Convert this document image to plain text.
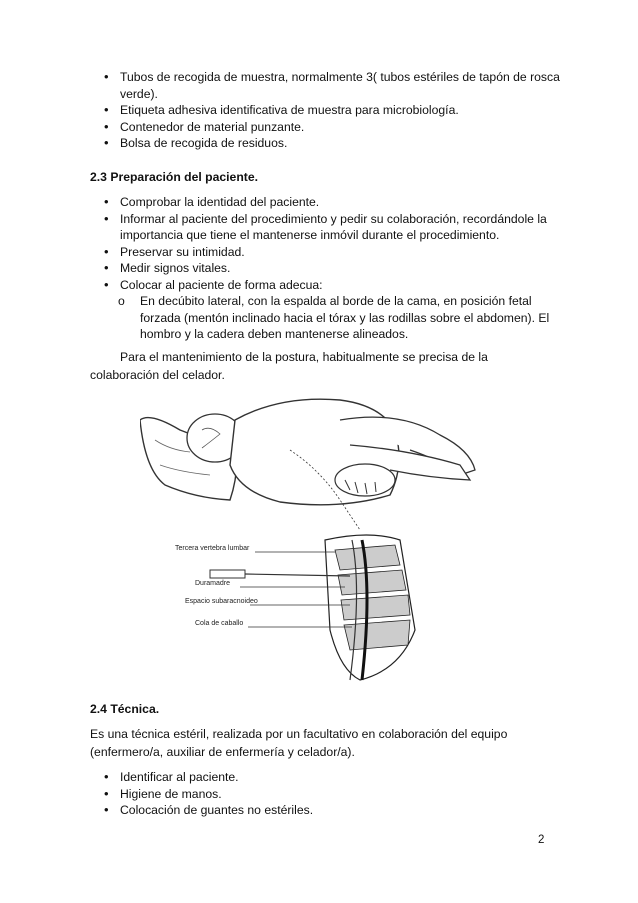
• Tubos de recogida de muestra, normalmente 3( tubos estériles de tapón de rosca verde).
• Etiqueta adhesiva identificativa de muestra para microbiología.
• Contenedor de material punzante.
• Bolsa de recogida de residuos.
2.3 Preparación del paciente.
• Comprobar la identidad del paciente.
• Informar al paciente del procedimiento y pedir su colaboración, recordándole la importancia que tiene el mantenerse inmóvil durante el procedimiento.
• Preservar su intimidad.
• Medir signos vitales.
• Colocar al paciente de forma adecua:
o En decúbito lateral, con la espalda al borde de la cama, en posición fetal forzada (mentón inclinado hacia el tórax y las rodillas sobre el abdomen). El hombro y la cadera deben mantenerse alineados.
Para el mantenimiento de la postura, habitualmente se precisa de la colaboración del celador.
Tercera vertebra lumbar
Duramadre
Espacio subaracnoideo
Cola de caballo
2.4 Técnica.
Es una técnica estéril, realizada por un facultativo en colaboración del equipo (enfermero/a, auxiliar de enfermería y celador/a).
• Identificar al paciente.
• Higiene de manos.
• Colocación de guantes no estériles.
2
